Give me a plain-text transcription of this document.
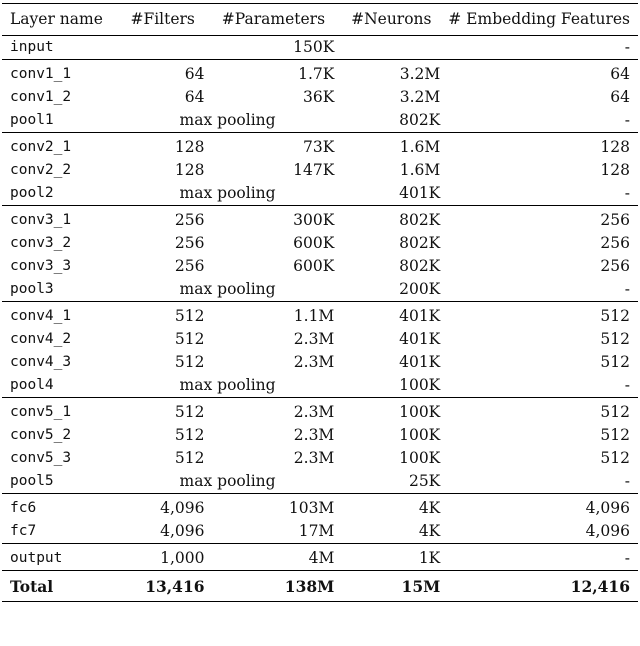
Layer name	#Filters	#Parameters	#Neurons	# Embedding Features
input		150K		-
conv1_1	64	1.7K	3.2M	64
conv1_2	64	36K	3.2M	64
pool1	max pooling		802K	-
conv2_1	128	73K	1.6M	128
conv2_2	128	147K	1.6M	128
pool2	max pooling		401K	-
conv3_1	256	300K	802K	256
conv3_2	256	600K	802K	256
conv3_3	256	600K	802K	256
pool3	max pooling		200K	-
conv4_1	512	1.1M	401K	512
conv4_2	512	2.3M	401K	512
conv4_3	512	2.3M	401K	512
pool4	max pooling		100K	-
conv5_1	512	2.3M	100K	512
conv5_2	512	2.3M	100K	512
conv5_3	512	2.3M	100K	512
pool5	max pooling		25K	-
fc6	4,096	103M	4K	4,096
fc7	4,096	17M	4K	4,096
output	1,000	4M	1K	-
Total	13,416	138M	15M	12,416
